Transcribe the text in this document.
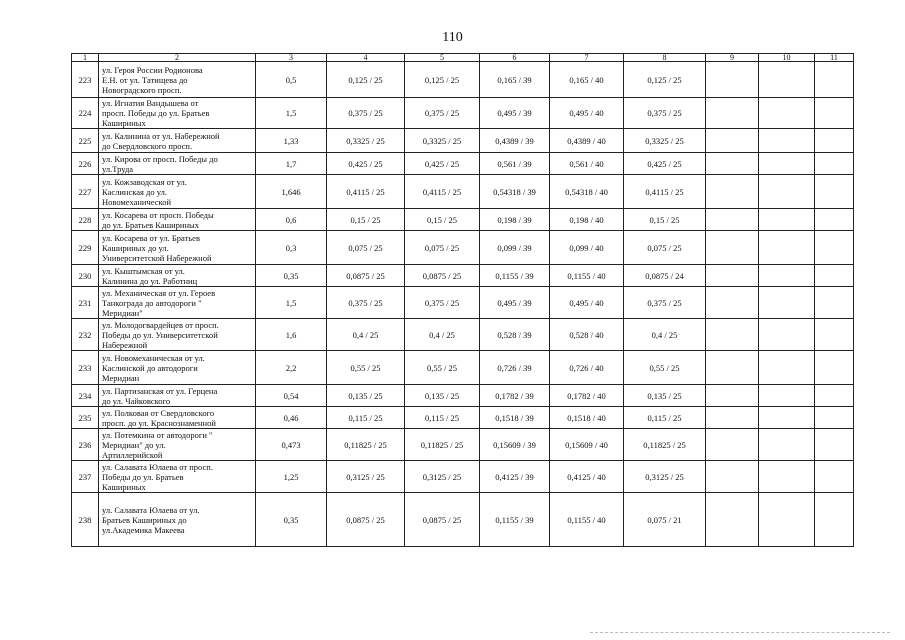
110
1	2	3	4	5	6	7	8	9	10	11
223	ул. Героя России Родионова
Е.Н. от ул. Татищева до
Новоградского просп.	0,5	0,125 / 25	0,125 / 25	0,165 / 39	0,165 / 40	0,125 / 25			
224	ул. Игнатия Вандышева от
просп. Победы до ул. Братьев
Кашириных	1,5	0,375 / 25	0,375 / 25	0,495 / 39	0,495 / 40	0,375 / 25			
225	ул. Калинина от ул. Набережной
до Свердловского просп.	1,33	0,3325 / 25	0,3325 / 25	0,4389 / 39	0,4389 / 40	0,3325 / 25			
226	ул. Кирова от просп. Победы до
ул.Труда	1,7	0,425 / 25	0,425 / 25	0,561 / 39	0,561 / 40	0,425 / 25			
227	ул. Кожзаводская от ул.
Каслинская до ул.
Новомеханической	1,646	0,4115 / 25	0,4115 / 25	0,54318 / 39	0,54318 / 40	0,4115 / 25			
228	ул. Косарева от просп. Победы
до ул. Братьев Кашириных	0,6	0,15 / 25	0,15 / 25	0,198 / 39	0,198 / 40	0,15 / 25			
229	ул. Косарева от ул. Братьев
Кашириных до ул.
Университетской Набережной	0,3	0,075 / 25	0,075 / 25	0,099 / 39	0,099 / 40	0,075 / 25			
230	ул. Кыштымская от ул.
Калинина до ул. Работниц	0,35	0,0875 / 25	0,0875 / 25	0,1155 / 39	0,1155 / 40	0,0875 / 24			
231	ул. Механическая от ул. Героев
Танкограда до автодороги "
Меридиан"	1,5	0,375 / 25	0,375 / 25	0,495 / 39	0,495 / 40	0,375 / 25			
232	ул. Молодогвардейцев от просп.
Победы до ул. Университетской
Набережной	1,6	0,4 / 25	0,4 / 25	0,528 / 39	0,528 / 40	0,4 / 25			
233	ул. Новомеханическая от ул.
Каслинской до автодороги
Меридиан	2,2	0,55 / 25	0,55 / 25	0,726 / 39	0,726 / 40	0,55 / 25			
234	ул. Партизанская от ул. Герцена
до ул. Чайковского	0,54	0,135 / 25	0,135 / 25	0,1782 / 39	0,1782 / 40	0,135 / 25			
235	ул. Полковая от Свердловского
просп. до ул. Краснознаменной	0,46	0,115 / 25	0,115 / 25	0,1518 / 39	0,1518 / 40	0,115 / 25			
236	ул. Потемкина от автодороги "
Меридиан" до ул.
Артиллерийской	0,473	0,11825 / 25	0,11825 / 25	0,15609 / 39	0,15609 / 40	0,11825 / 25			
237	ул. Салавата Юлаева от просп.
Победы до ул. Братьев
Кашириных	1,25	0,3125 / 25	0,3125 / 25	0,4125 / 39	0,4125 / 40	0,3125 / 25			
238	ул. Салавата Юлаева от ул.
Братьев Кашириных до
ул.Академика Макеева	0,35	0,0875 / 25	0,0875 / 25	0,1155 / 39	0,1155 / 40	0,075 / 21			
